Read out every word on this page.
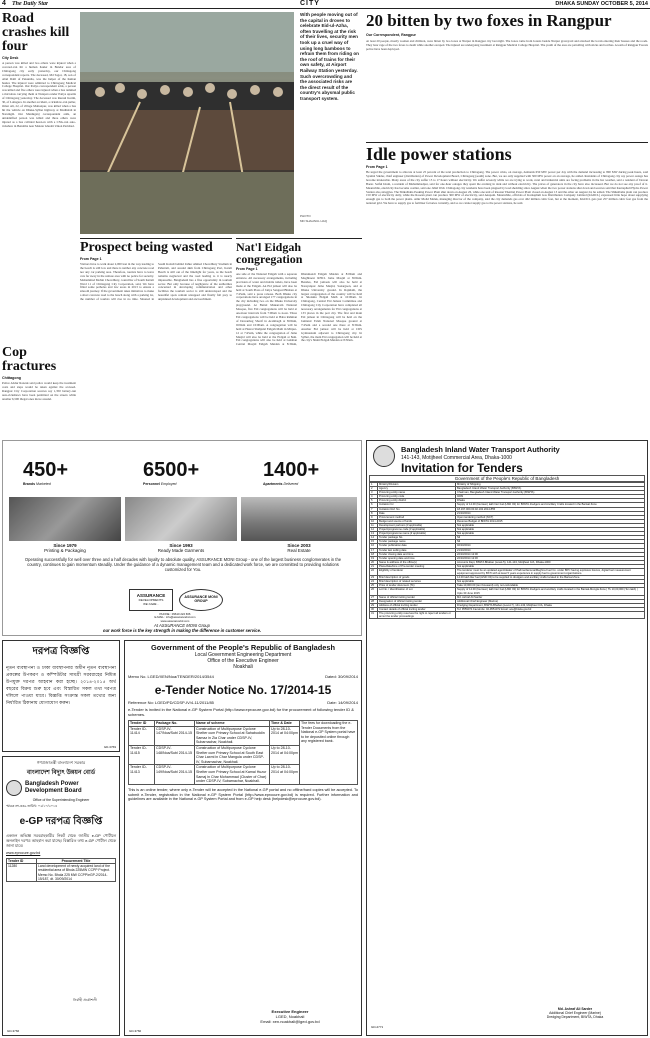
4 The Daily Star	CITY	DHAKA SUNDAY OCTOBER 5, 2014
Road crashes kill four
City Desk
A person was killed and two others were injured when a covered-van hit a human hauler in Bandar area of Chittagong city early yesterday, our Chittagong correspondent reports. The deceased, Md Sagor, 18, son of Abul Dalil of Pakundia, was the helper of the human hauler. The injured were admitted to Chittagong Medical College Hospital. Our Patiya correspondent adds, a person was killed and five others were injured when a bus rammed a microbus carrying them at Naiapara under Patiya upazila of Chittagong yesterday. The deceased was Rezaul Karim, 30, of Lohagara. In another accident, a rickshaw-van puller, Omar Ali, 22, of village Mohonpur, was killed when a bus hit the vehicle on Dhaka-Sylhet highway at Madhabdi in Narsingdi. Our Manikganj correspondent adds, an unidentified person was killed and three others were injured as a bus collided head-on with a CNG-run auto-rickshaw in Benubha near Moktar Ghoshi Union Parishad.
Cop fractures
Chittagong
Police Abdur Razzak said police would keep the treatment costs and steps would be taken against the accused. Rangpur City Corporation sources say 1,350 battery-run auto-rickshaws have been permitted on the streets while another 6,500 illegal ones move around.
With people moving out of the capital in droves to celebrate Eid-ul-Azha, often travelling at the risk of their lives, security men took up a cruel way of using long bamboos to refrain them from riding on the roof of trains for their own safety, at Airport Railway Station yesterday. Such overcrowding and the associated risks are the direct result of the country's abysmal public transport system.
PHOTO:
MD SHAHNUL HAQ
20 bitten by two foxes in Rangpur
Our Correspondent, Rangpur
At least 20 people, mostly women and children, were bitten by two foxes at Nurpur in Rangpur city last night. The foxes came from forests beside Nurpur graveyard and attacked the locals entering their houses and the roads. They bear rage of the two foxes to death while another escaped. The injured are undergoing treatment at Rangpur Medical College Hospital. The youth of the area are patrolling with sticks and torches. A team of Rangpur Forests police have been deployed.
Idle power stations
From Page 1
He urged the government to allocate at least 25 percent of the total production to Chittagong. The power crisis, on average, demands 650 MW power per day with the demand increasing to 800 MW during peak hours, said Syamal Sikder, chief engineer (distribution) of Power Development Board, Chittagong (south) zone. But, we are only supplied with 300 MW power on an average, he added. Residents of Chittagong city say power outage has become intolerable. Many areas of the city suffer 15 to 17 hours without electricity. We suffer severely while we are trying to work, rural and industrial units are facing problems in the hot weather, said a resident of Dewan Bazar. Saiful Islam, a resident of Muhammadpur, said for one-hour outages they spent the evening in dark and without electricity. The prices of generators in the city have also increased. But we do not see any proof of it. Meanwhile, electricity has become costlier, said one Jahid Wali. Chittagong city residents have been plagued by load shedding since August when the two power stations shut down and sources said that Karnaphuli Hydro Power Station also struggles. The Shikalbaha Peaking Power Plant shut down on August 26, while one unit of Raozan Thermal Power Plant closed on August 13 and the other on August 24, he added. The Shikalbaha plant can produce 150 MW of electricity daily, while the Raozan plant can produce 360 MW of electricity, said Anupam. Meanwhile, officials of Karnaphuli Gas Distribution Company Limited (KGDCL) expressed little hope about supplying enough gas to both the power plants. Amir Mohd Malek, managing director of the company, said the city demands gas over 462 million cubic feet, but at the moment, KGDCL gets just 257 million cubic feet gas from the national grid. We have to supply gas to fertilizer factories currently, and so we cannot supply gas to the power stations, he said.
Prospect being wasted
From Page 1
Visitors have to walk about 2,000 feet in the way leading to the beach is still low and there is neither any concrete road nor any car parking area. Therefore, tourists have to leave cars far away in the remote area with no police for security. Mohammad Mohin Chowdhury, councillor of South Kattali Ward 11 of Chittagong City Corporation, said, We have filled some potholes and low areas in 2013 to ensure a smooth journey. If the government takes initiatives to make a short concrete road to the beach along with a parking lot, the number of tourists will rise in no time. Situated in South Kattali behind Zahur Ahmed Chowdhury Stadium in Pahartali, and around 4km from Chittagong Port, Katali Beach is still out of the limelight for years, as the beach remains neglected and the road leading to it is nearly impassable. Bangladesh has a fine opportunity in tourism sector. But only because of negligence of the authorities concerned in developing communication and other facilities the tourism sector is still undeveloped and the beautiful spots remain untapped and finally fall prey to unplanned development and encroachment.
Nat'l Eidgah congregation
From Page 1
one side of the National Eidgah with a separate entrance. All necessary arrangements, including provision of water and mobile toilets, have been made at the Eidgah. An Eid jamaat will also be held at South Plaza of Jatiya Sangsad Bhaban at 7:45am, said a press release. Both Dhaka city corporations have arranged 177 congregations in the city including two on the Dhaka University playground. At Baitul Mukarram National Mosque, five Eid congregations will be held at one-hour intervals from 7:00am to noon. Three Eid congregations will be held at Babu Rahman of Dewanbag Sharif in Arambagh at 8:00am, 9:00am and 10:00am. A congregation will be held at Hazrat Shahjalal Eidgah Math in Mirpur-12 at 7:45am, while the congregation of Jame Masjid will also be held at the Eidgah at 8am. Eid congregations will also be held at Gulshan Central Masjid Eidgah Maidan at 8:30am, Dhanmondi Eidgah Maidan at 8:00am and Moghbazar RHCL Jame Masjid at 8:00am. Besides, Eid jamaats will also be held at Narayanpur Jame Masjid, Sonargaon, and at Dhaka University ground. In Rajshahi, the largest congregation of the country will be held at Sholakia Eidgah Math at 10:00am. In Chittagong, Central Eid Jamaat Committee and Chittagong City Corporation have completed all necessary arrangements for Eid congregations at 133 places in the port city. The first and main Eid jamaat in Chittagong will be held on the Jamiatul Falah National Mosque ground at 7:45am and a second one there at 8:30am. Another Eid jamaat will be held at CDS Gymnasium adjacent to Chittagong city. In Sylhet, the main Eid congregation will be held at the city's Shahi Eidgah Maidan at 8:30am.
450+
Brands Marketed
6500+
Personnel Employed
1400+
Apartments Delivered
Since 1979
Printing & Packaging
Since 1993
Ready Made Garments
Since 2003
Real Estate
Operating successfully for well over three and a half decades with loyalty to absolute quality, ASSURANCE MONI Group - one of the largest business conglomerates in the country, continues to gain momentum steadily. Under the guidance of a dynamic management team and a dedicated work force, we are committed to providing solutions customized for You.
ASSURANCE
DEVELOPMENTS
WE CARE...
ASSURANCE MONI
GROUP
PHONE : 09610 222 666
E-MAIL : info@assurancebd.com
www.assurancebd.com
At ASSURANCE MONI Group
our work force is the key strength in making the difference in customer service.
Bangladesh Inland Water Transport Authority
141-143, Motijheel Commercial Area, Dhaka-1000
Invitation for Tenders
Government of the People's Republic of Bangladesh
1	Ministry/Division	Ministry of Shipping
2	Agency	Bangladesh Inland Water Transport Authority (BIWTA)
3	Procuring entity name	Chairman, Bangladesh Inland Water Transport Authority (BIWTA)
4	Procuring entity code	0209
5	Procuring entity district	Dhaka
6	Invitation for	Supply of 14.00 (fourteen) lakh liter fuel (HSD Oil) for BIWTA dredgers and Ancillary Crafts located in the Barisal Zone
7	Invitation Ref. No.	18.197.000.00.02.102.2014.855
8	Date	21/10/2014
9	Procurement method	Open tendering method (NCT)
10	Budget and source of funds	Revenue Budget of BIWTA 2014-2015
11	Development partners (if applicable)	Not applicable
12	Project/programme code (if applicable)	Not applicable
13	Project/programme name (if applicable)	Not applicable
14	Tender package No.	Nil
15	Tender package name	Nil
16	Tender publication date	02/10/2014
17	Tender last selling date	21/10/2014
18	Tender closing date and time	22/10/2014 12:00
19	Tender opening date and time	22/10/2014 12:30
20	Name & address of the office(s)	Accounts Dept, BIWTA Bhaban (Level-5), 141-143, Motijheel C/A, Dhaka-1000
21	Place/date/time of Pre-tender meeting	Not applicable
22	Eligibility of tenderer	The tenderer must be an updated agent/dealer of Padma/Jamuna/Meghna Fuel Co. under BPC having explosive licence, digital fuel measurement equipment approved by BSTI with at least 5 years experience in supply fuel to government organizations.
23	Brief description of goods	14.00 lakh liter fuel (HSD Oil) to be supplied to dredgers and ancillary crafts located in the Barisal Zone.
24	Brief description of related services	Not applicable
25	Price of tender document (Tk)	Taka 10,000.00 (ten thousand) only non-refundable
26	Lot No. / Identification of Lot	Supply of 14.00 (fourteen) lakh liter fuel (HSD Oil) for BIWTA dredgers and ancillary crafts located in the Barisal-Mongla Zone | Tk 10,00,000 (Ten lakh) | Upto 30 June 2015
27	Name of official inviting tender	Md. Ashraf Ali Sarder
28	Designation of official inviting tender	Additional Chief Engineer (Marine)
29	Address of official inviting tender	Dredging Department, BIWTA Bhaban (Level-7), 141-143, Motijheel C/A, Dhaka
30	Contact details of official inviting tender	Tel: 9559074 Facsimile: 02-9551072 Email: ace@biwta.gov.bd
31	The procuring entity reserves the right to reject all tenders or annul the tender proceedings	
Md. Ashraf Ali Sarder
Additional Chief Engineer (Marine)
Dredging Department, BIWTA, Dhaka
GD-2771
দরপত্র বিজ্ঞপ্তি
নূতন ব্যবস্থাপনা ও ঢাকা ব্যবস্থাপনার অধীন নূতন ব্যবস্থাপনা প্রকল্পের উপকরণ ও কম্পিউটার সামগ্রী সরবরাহের নিমিত্ত উপযুক্ত দরপত্র আহবান করা হচ্ছে। ২০১৪-২০১৫ অর্থ বছরের বিক্রয় শুরু হবে এবং বিস্তারিত সকল তথ্য দরপত্র দলিলে পাওয়া যাবে। বিজ্ঞপ্তি সংক্রান্ত সকল তথ্যের জন্য নির্ধারিত ঠিকানায় যোগাযোগ করুন।
GD-3769
গণপ্রজাতন্ত্রী বাংলাদেশ সরকার
বাংলাদেশ বিদ্যুৎ উন্নয়ন বোর্ড
Bangladesh Power Development Board
Office of the Superintending Engineer
স্মারক নং-৩৩৯ তারিখ: ০২/১০/২০১৪
e-GP দরপত্র বিজ্ঞপ্তি
একজন অভিজ্ঞ সরবরাহকারীর নিকট থেকে জাতীয় e-GP পোর্টালে অনলাইন দরপত্র আহবান করা যাচ্ছে। বিস্তারিত তথ্য e-GP পোর্টাল থেকে জানা যাবে।
www.eprocure.gov.bd
Tender ID	Procurement Title
11280	Land development of newly acquired land of the residential area of Bhola 225MW CCPP Project. Memo No. Bhola 225 MW CCPP/eGP-2/2014-15/187, dt. 30/09/2014
নির্বাহী প্রকৌশলী
GD-3766
Government of the People's Republic of Bangladesh
Local Government Engineering Department
Office of the Executive Engineer
Noakhali
Memo No. LGED/XEN/Noa/TENDER/2014/3544	Dated: 30/09/2014
e-Tender Notice No. 17/2014-15
Reference No: LGED/PD/CDSP-IV/4-11/2011/85	Date: 14/09/2014
e-Tender is invited in the National e-GP System Portal (http://www.eprocure.gov.bd) for the procurement of following tender ID & schemes.
Tender ID	Package No.	Name of scheme	Time & Date	The fees for downloading the e-Tender Documents from the National e-GP System portal have to be deposited online through any registered bank.
Tender ID-11414	CDSP-IV-147/Noa/Subl 2014-15	Construction of Multipurpose Cyclone Shelter cum Primary School at Sahabuddin Samaz in Zia Char under CDSP-IV, Subarnachar, Noakhali.	Up to 28-10-2014 at 04:00pm	
Tender ID-11415	CDSP-IV-148/Noa/Subl 2014-15	Construction of Multipurpose Cyclone Shelter cum Primary School at South East Char Laxmi in Char Mangula under CDSP-IV, Subarnachar, Noakhali.	Up to 28-10-2014 at 04:00pm	
Tender ID-11413	CDSP-IV-149/Noa/Subl 2014-15	Construction of Multipurpose Cyclone Shelter cum Primary School at Kamal Huzur Samaj in Char Mohammad (Cluster of Char) under CDSP-IV, Subarnachar, Noakhali.	Up to 28-10-2014 at 04:00pm	
This is an online tender, where only e-Tender will be accepted in the National e-GP portal and no offline/hard copies will be accepted. To submit e-Tender, registration in the National e-GP System Portal (http://www.eprocure.gov.bd) is required. Further information and guidelines are available in the National e-GP System Portal and from e-GP help desk (helpdesk@eprocure.gov.bd).
Executive Engineer
LGED, Noakhali
Email: xen.noakhali@lged.gov.bd
GD-3760
